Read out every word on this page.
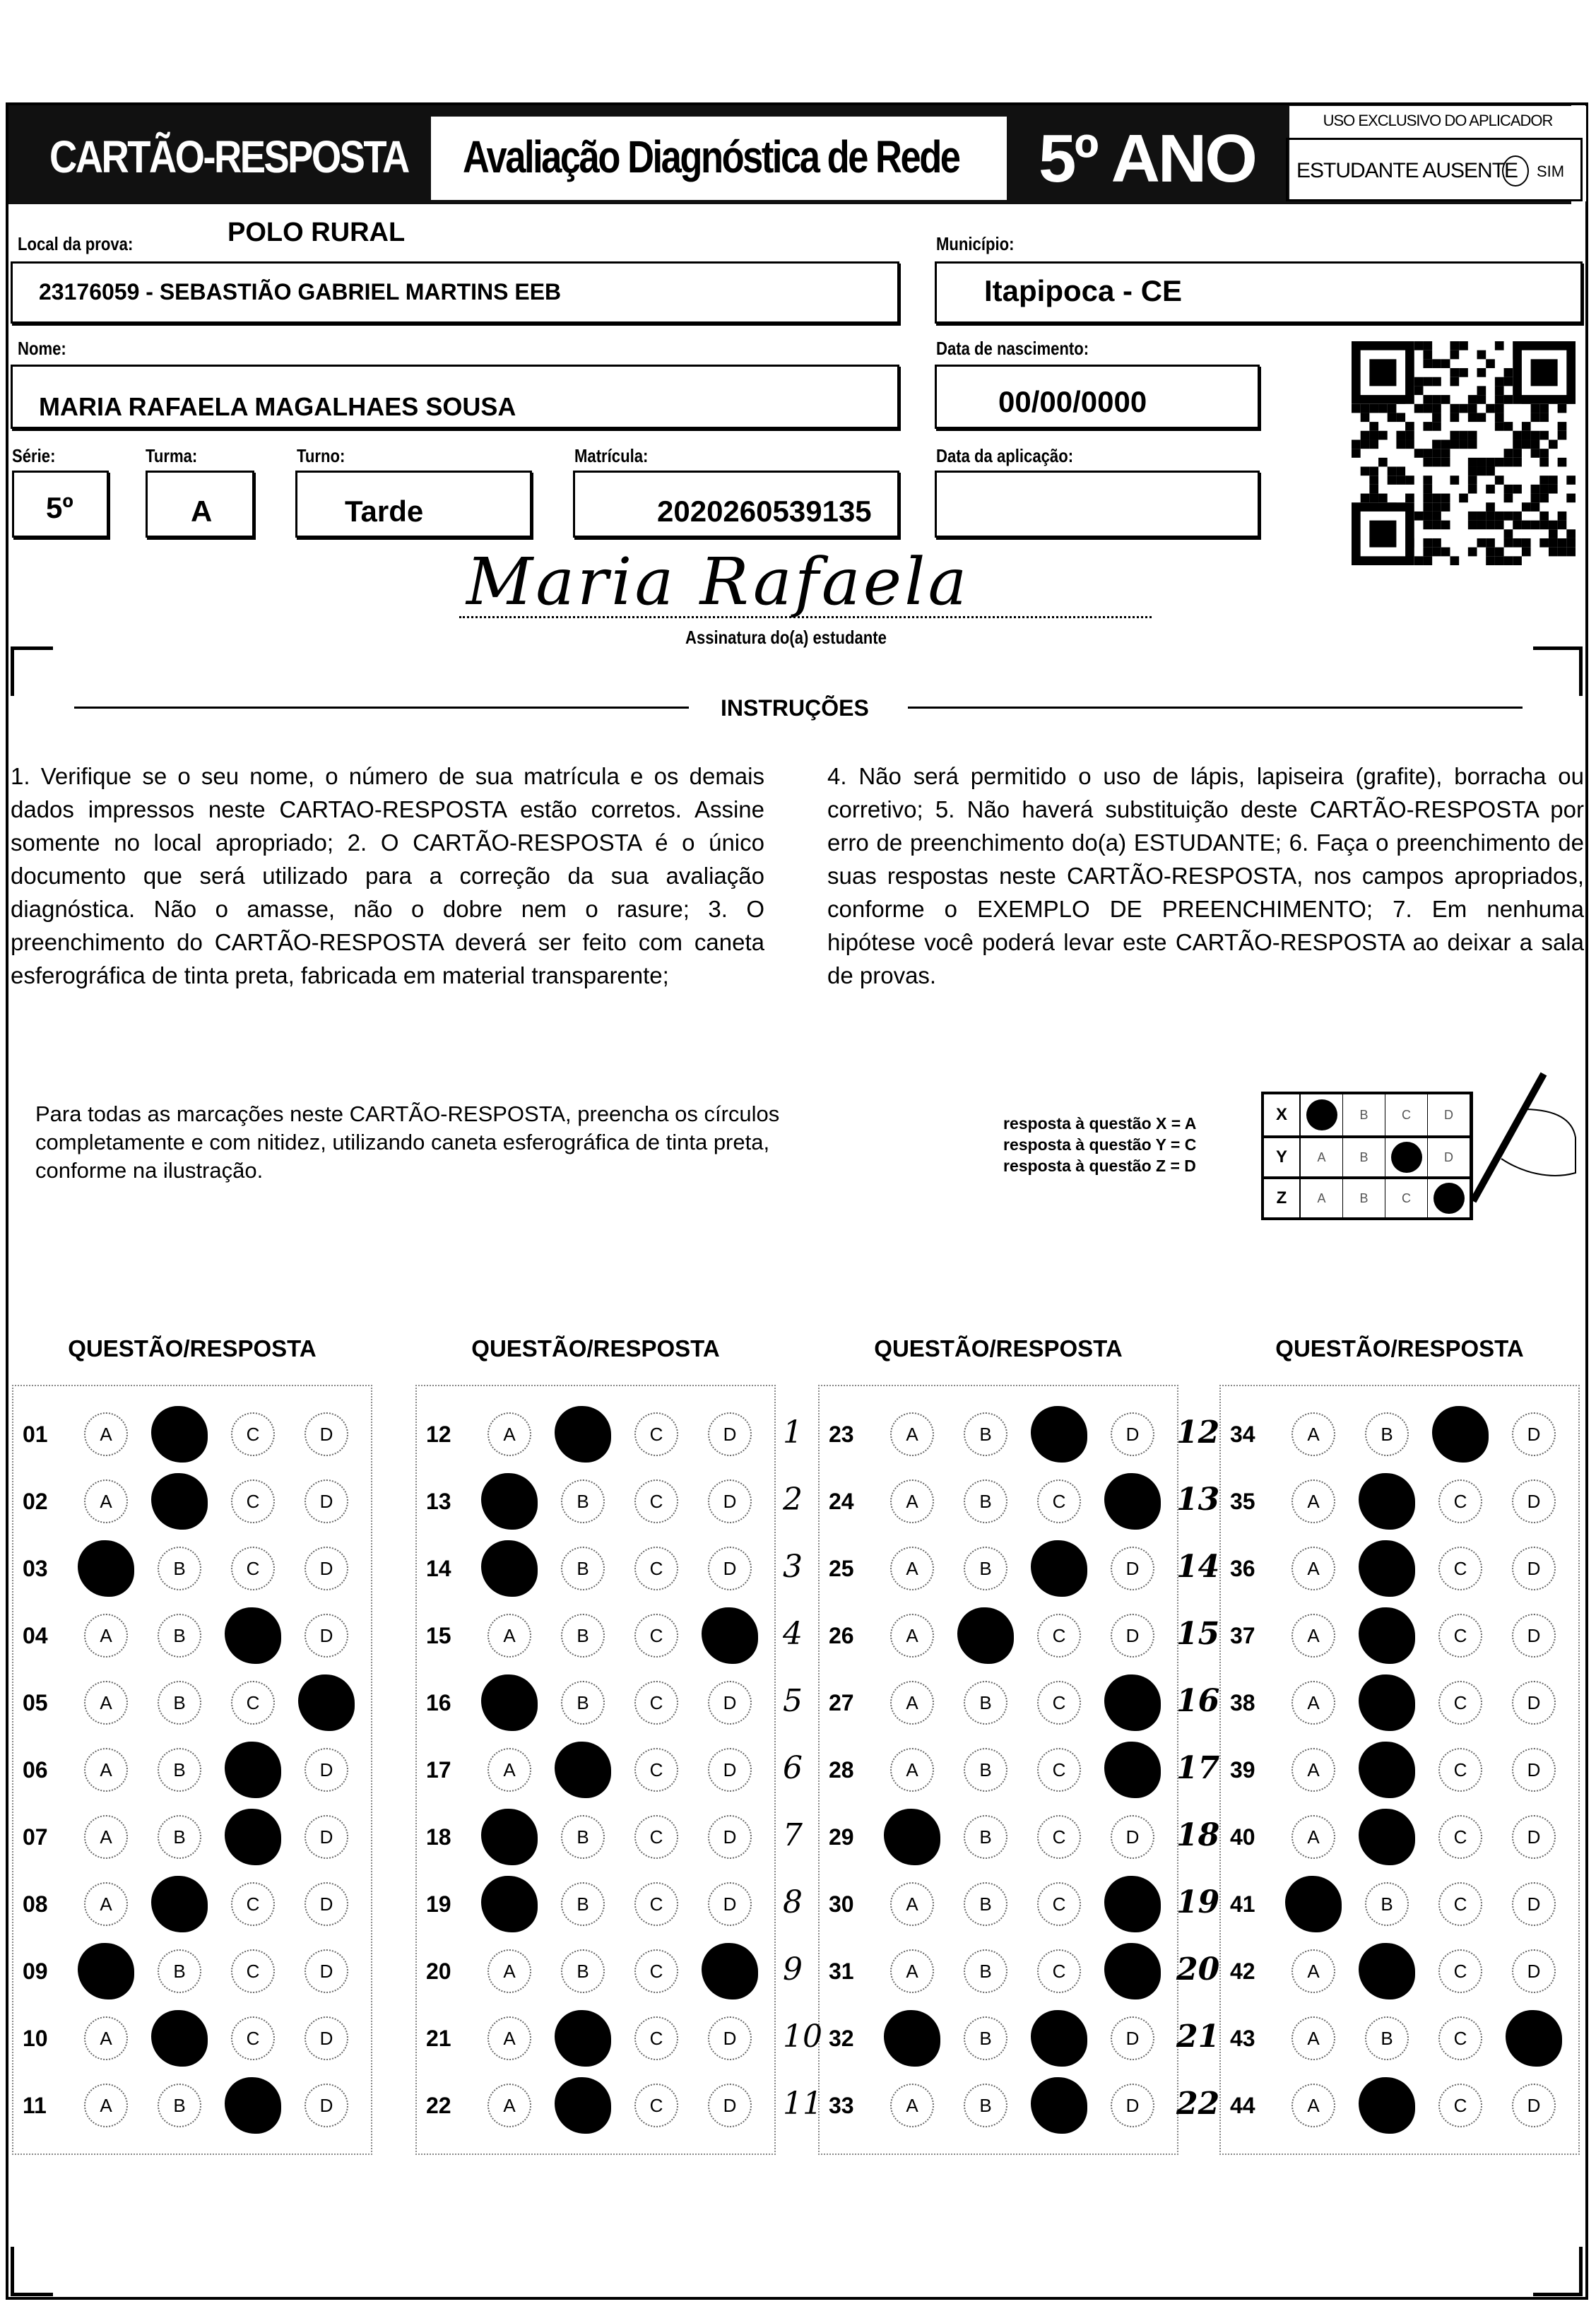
CARTÃO-RESPOSTA Avaliação Diagnóstica de Rede 5º ANO
USO EXCLUSIVO DO APLICADOR
ESTUDANTE AUSENTE SIM
Local da prova:	POLO RURAL
23176059 - SEBASTIÃO GABRIEL MARTINS EEB
Município:
Itapipoca - CE
Nome:
MARIA RAFAELA MAGALHAES SOUSA
Data de nascimento:
00/00/0000
Série:
5º
Turma:
A
Turno:
Tarde
Matrícula:
2020260539135
Data da aplicação:
Maria Rafaela
Assinatura do(a) estudante
INSTRUÇÕES
1. Verifique se o seu nome, o número de sua matrícula e os demais dados impressos neste CARTAO-RESPOSTA estão corretos. Assine somente no local apropriado; 2. O CARTÃO-RESPOSTA é o único documento que será utilizado para a correção da sua avaliação diagnóstica. Não o amasse, não o dobre nem o rasure; 3. O preenchimento do CARTÃO-RESPOSTA deverá ser feito com caneta esferográfica de tinta preta, fabricada em material transparente;
4. Não será permitido o uso de lápis, lapiseira (grafite), borracha ou corretivo; 5. Não haverá substituição deste CARTÃO-RESPOSTA por erro de preenchimento do(a) ESTUDANTE; 6. Faça o preenchimento de suas respostas neste CARTÃO-RESPOSTA, nos campos apropriados, conforme o EXEMPLO DE PREENCHIMENTO; 7. Em nenhuma hipótese você poderá levar este CARTÃO-RESPOSTA ao deixar a sala de provas.
Para todas as marcações neste CARTÃO-RESPOSTA, preencha os círculos completamente e com nitidez, utilizando caneta esferográfica de tinta preta, conforme na ilustração.
resposta à questão X = A
resposta à questão Y = C
resposta à questão Z = D
X	B	C	D
Y	A	B	D
Z	A	B	C
QUESTÃO/RESPOSTA
01	A	C	D
02	A	C	D
03	B	C	D
04	A	B	D
05	A	B	C
06	A	B	D
07	A	B	D
08	A	C	D
09	B	C	D
10	A	C	D
11	A	B	D
QUESTÃO/RESPOSTA
12	A	C	D
13	B	C	D
14	B	C	D
15	A	B	C
16	B	C	D
17	A	C	D
18	B	C	D
19	B	C	D
20	A	B	C
21	A	C	D
22	A	C	D
QUESTÃO/RESPOSTA
23	A	B	D
24	A	B	C
25	A	B	D
26	A	C	D
27	A	B	C
28	A	B	C
29	B	C	D
30	A	B	C
31	A	B	C
32	B	D
33	A	B	D
QUESTÃO/RESPOSTA
34	A	B	D
35	A	C	D
36	A	C	D
37	A	C	D
38	A	C	D
39	A	C	D
40	A	C	D
41	B	C	D
42	A	C	D
43	A	B	C
44	A	C	D
1
2
3
4
5
6
7
8
9
10
11
12
13
14
15
16
17
18
19
20
21
22
